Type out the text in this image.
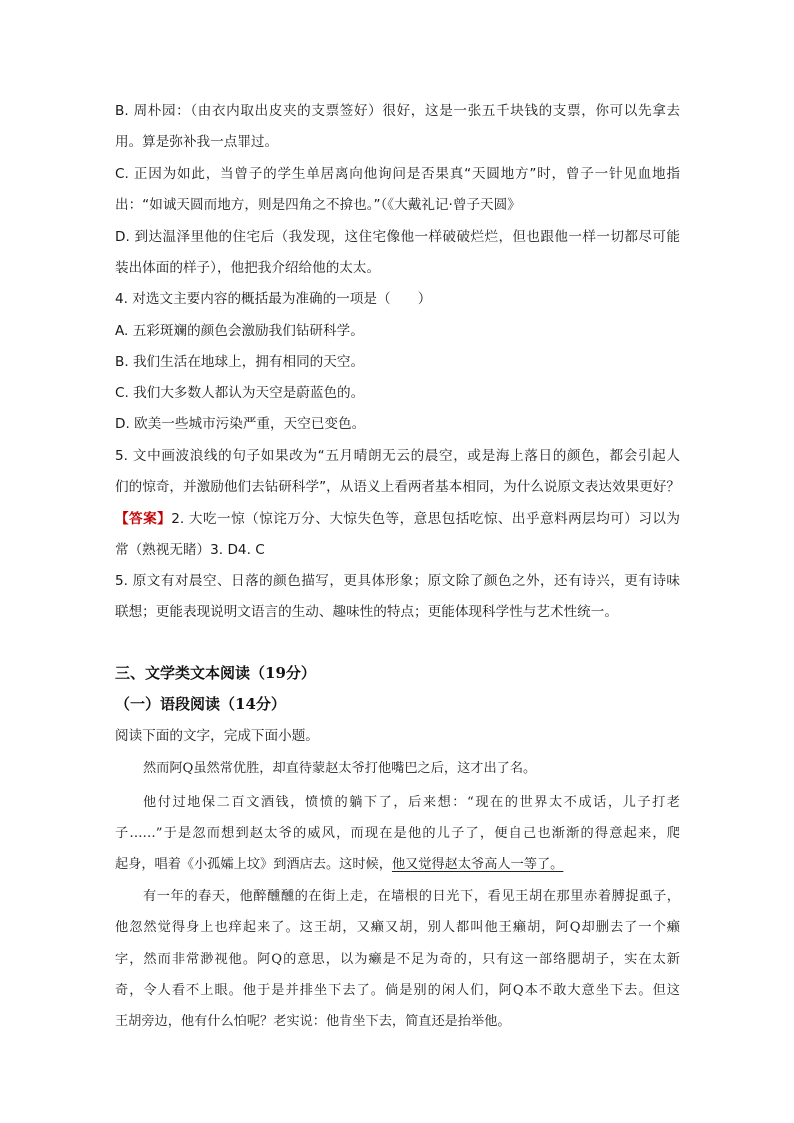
B. 周朴园：（由衣内取出皮夹的支票签好）很好，这是一张五千块钱的支票，你可以先拿去
用。算是弥补我一点罪过。
C. 正因为如此，当曾子的学生单居离向他询问是否果真“天圆地方”时，曾子一针见血地指
出：“如诚天圆而地方，则是四角之不揜也。”（《大戴礼记·曾子天圆》
D. 到达温泽里他的住宅后（我发现，这住宅像他一样破破烂烂，但也跟他一样一切都尽可能
装出体面的样子），他把我介绍给他的太太。
4. 对选文主要内容的概括最为准确的一项是（　　）
A. 五彩斑斓的颜色会激励我们钻研科学。
B. 我们生活在地球上，拥有相同的天空。
C. 我们大多数人都认为天空是蔚蓝色的。
D. 欧美一些城市污染严重，天空已变色。
5. 文中画波浪线的句子如果改为“五月晴朗无云的晨空，或是海上落日的颜色，都会引起人
们的惊奇，并激励他们去钻研科学”，从语义上看两者基本相同，为什么说原文表达效果更好？
【答案】2. 大吃一惊（惊诧万分、大惊失色等，意思包括吃惊、出乎意料两层均可）习以为
常（熟视无睹）3. D4. C
5. 原文有对晨空、日落的颜色描写，更具体形象；原文除了颜色之外，还有诗兴，更有诗味
联想；更能表现说明文语言的生动、趣味性的特点；更能体现科学性与艺术性统一。
三、文学类文本阅读（19分）
（一）语段阅读（14分）
阅读下面的文字，完成下面小题。
然而阿Q虽然常优胜，却直待蒙赵太爷打他嘴巴之后，这才出了名。
他付过地保二百文酒钱，愤愤的躺下了，后来想：“现在的世界太不成话，儿子打老
子……”于是忽而想到赵太爷的威风，而现在是他的儿子了，便自己也渐渐的得意起来，爬
起身，唱着《小孤孀上坟》到酒店去。这时候，他又觉得赵太爷高人一等了。
有一年的春天，他醉醺醺的在街上走，在墙根的日光下，看见王胡在那里赤着膊捉虱子，
他忽然觉得身上也痒起来了。这王胡，又癞又胡，别人都叫他王癞胡，阿Q却删去了一个癞
字，然而非常渺视他。阿Q的意思，以为癞是不足为奇的，只有这一部络腮胡子，实在太新
奇，令人看不上眼。他于是并排坐下去了。倘是别的闲人们，阿Q本不敢大意坐下去。但这
王胡旁边，他有什么怕呢？老实说：他肯坐下去，简直还是抬举他。
